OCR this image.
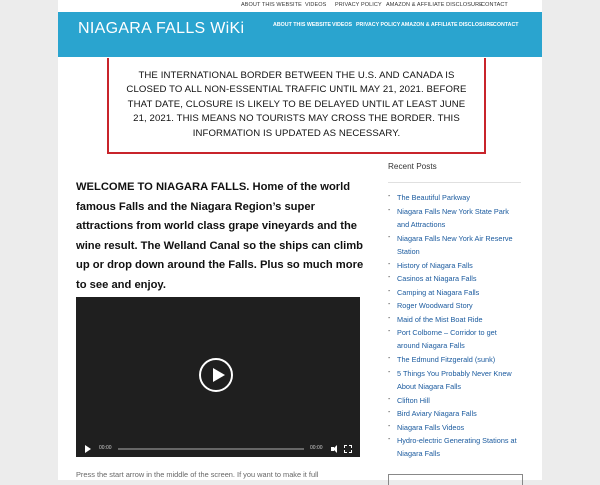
ABOUT THIS WEBSITE VIDEOS PRIVACY POLICY AMAZON & AFFILIATE DISCLOSURE
CONTACT
NIAGARA FALLS WiKi	ABOUT THIS WEBSITE VIDEOS PRIVACY POLICY AMAZON & AFFILIATE DISCLOSURE CONTACT
THE INTERNATIONAL BORDER BETWEEN THE U.S. AND CANADA IS CLOSED TO ALL NON-ESSENTIAL TRAFFIC UNTIL MAY 21, 2021. BEFORE THAT DATE, CLOSURE IS LIKELY TO BE DELAYED UNTIL AT LEAST JUNE 21, 2021. THIS MEANS NO TOURISTS MAY CROSS THE BORDER. THIS INFORMATION IS UPDATED AS NECESSARY.
WELCOME TO NIAGARA FALLS. Home of the world famous Falls and the Niagara Region’s super attractions from world class grape vineyards and the wine result. The Welland Canal so the ships can climb up or drop down around the Falls. Plus so much more to see and enjoy.
00:00	00:00
Press the start arrow in the middle of the screen. If you want to make it full
Recent Posts
- The Beautiful Parkway
- Niagara Falls New York State Park and Attractions
- Niagara Falls New York Air Reserve Station
- History of Niagara Falls
- Casinos at Niagara Falls
- Camping at Niagara Falls
- Roger Woodward Story
- Maid of the Mist Boat Ride
- Port Colborne – Corridor to get around Niagara Falls
- The Edmund Fitzgerald (sunk)
- 5 Things You Probably Never Knew About Niagara Falls
- Clifton Hill
- Bird Aviary Niagara Falls
- Niagara Falls Videos
- Hydro-electric Generating Stations at Niagara Falls
